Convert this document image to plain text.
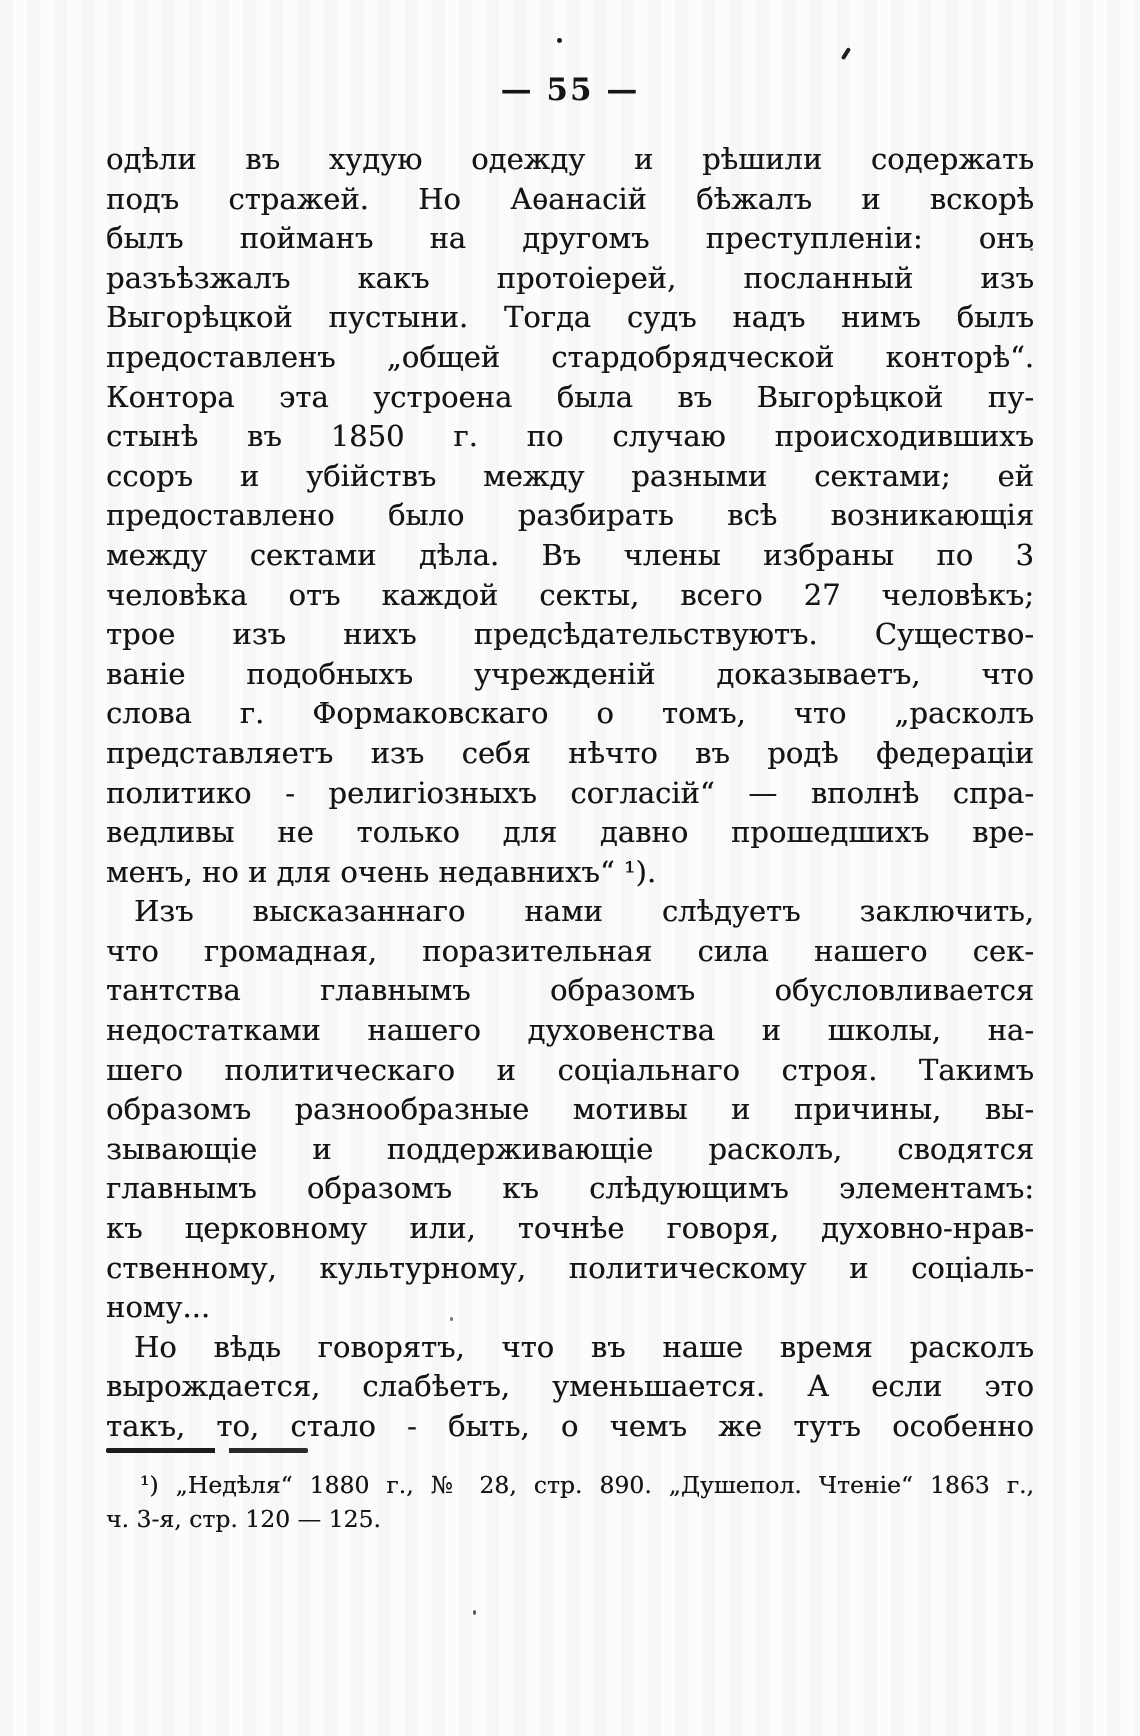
— 55 —
одѣли въ худую одежду и рѣшили содержать
подъ стражей. Но Аѳанасій бѣжалъ и вскорѣ
былъ пойманъ на другомъ преступленіи: онъ
разъѣзжалъ какъ протоіерей, посланный изъ
Выгорѣцкой пустыни. Тогда судъ надъ нимъ былъ
предоставленъ „общей стардобрядческой конторѣ“.
Контора эта устроена была въ Выгорѣцкой пу-
стынѣ въ 1850 г. по случаю происходившихъ
ссоръ и убійствъ между разными сектами; ей
предоставлено было разбирать всѣ возникающія
между сектами дѣла. Въ члены избраны по 3
человѣка отъ каждой секты, всего 27 человѣкъ;
трое изъ нихъ предсѣдательствуютъ. Существо-
ваніе подобныхъ учрежденій доказываетъ, что
слова г. Формаковскаго о томъ, что „расколъ
представляетъ изъ себя нѣчто въ родѣ федераціи
политико - религіозныхъ согласій“ — вполнѣ спра-
ведливы не только для давно прошедшихъ вре-
менъ, но и для очень недавнихъ“ ¹).
Изъ высказаннаго нами слѣдуетъ заключить,
что громадная, поразительная сила нашего сек-
тантства главнымъ образомъ обусловливается
недостатками нашего духовенства и школы, на-
шего политическаго и соціальнаго строя. Такимъ
образомъ разнообразные мотивы и причины, вы-
зывающіе и поддерживающіе расколъ, сводятся
главнымъ образомъ къ слѣдующимъ элементамъ:
къ церковному или, точнѣе говоря, духовно-нрав-
ственному, культурному, политическому и соціаль-
ному...
Но вѣдь говорятъ, что въ наше время расколъ
вырождается, слабѣетъ, уменьшается. А если это
такъ, то, стало - быть, о чемъ же тутъ особенно
¹) „Недѣля“ 1880 г., № 28, стр. 890. „Душепол. Чтеніе“ 1863 г.,
ч. 3-я, стр. 120 — 125.
